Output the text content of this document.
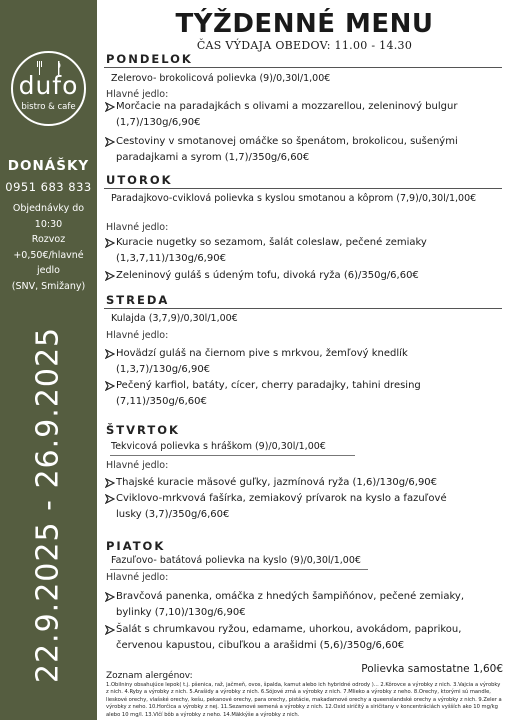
dufo
bistro & cafe
DONÁŠKY
0951 683 833
Objednávky do
10:30
Rozvoz
+0,50€/hlavné
jedlo
(SNV, Smižany)
22.9.2025 - 26.9.2025
TÝŽDENNÉ MENU
ČAS VÝDAJA OBEDOV: 11.00 - 14.30
PONDELOK
Zelerovo- brokolicová polievka (9)/0,30l/1,00€
Hlavné jedlo:
Morčacie na paradajkách s olivami a mozzarellou, zeleninový bulgur
(1,7)/130g/6,90€
Cestoviny v smotanovej omáčke so špenátom, brokolicou, sušenými
paradajkami a syrom (1,7)/350g/6,60€
UTOROK
Paradajkovo-cviklová polievka s kyslou smotanou a kôprom (7,9)/0,30l/1,00€
Hlavné jedlo:
Kuracie nugetky so sezamom, šalát coleslaw, pečené zemiaky
(1,3,7,11)/130g/6,90€
Zeleninový guláš s údeným tofu, divoká ryža (6)/350g/6,60€
STREDA
Kulajda (3,7,9)/0,30l/1,00€
Hlavné jedlo:
Hovädzí guláš na čiernom pive s mrkvou, žemľový knedlík
(1,3,7)/130g/6,90€
Pečený karfiol, batáty, cícer, cherry paradajky, tahini dresing
(7,11)/350g/6,60€
ŠTVRTOK
Tekvicová polievka s hráškom (9)/0,30l/1,00€
Hlavné jedlo:
Thajské kuracie mäsové guľky, jazmínová ryža (1,6)/130g/6,90€
Cviklovo-mrkvová fašírka, zemiakový prívarok na kyslo a fazuľové
lusky (3,7)/350g/6,60€
PIATOK
Fazuľovo- batátová polievka na kyslo (9)/0,30l/1,00€
Hlavné jedlo:
Bravčová panenka, omáčka z hnedých šampiňónov, pečené zemiaky,
bylinky (7,10)/130g/6,90€
Šalát s chrumkavou ryžou, edamame, uhorkou, avokádom, paprikou,
červenou kapustou, cibuľkou a arašidmi (5,6)/350g/6,60€
Polievka samostatne 1,60€
Zoznam alergénov:
1.Obilniny obsahujúce lepok( t.j. pšenica, raž, jačmeň, ovos, špalda, kamut alebo ich hybridné odrody )... 2.Kôrovce a výrobky z nich. 3.Vajcia a výrobky z nich. 4.Ryby a výrobky z nich. 5.Arašidy a výrobky z nich. 6.Sójové zrná a výrobky z nich. 7.Mlieko a výrobky z neho. 8.Orechy, ktorými sú mandle, lieskové orechy, vlašské orechy, kešu, pekanové orechy, para orechy, pistácie, makadamové orechy a queenslandské orechy a výrobky z nich. 9.Zeler a výrobky z neho. 10.Horčica a výrobky z nej. 11.Sezamové semená a výrobky z nich. 12.Oxid siričitý a siričitany v koncentráciách vyšších ako 10 mg/kg alebo 10 mg/l. 13.Vlčí bôb a výrobky z neho. 14.Mäkkýše a výrobky z nich.
